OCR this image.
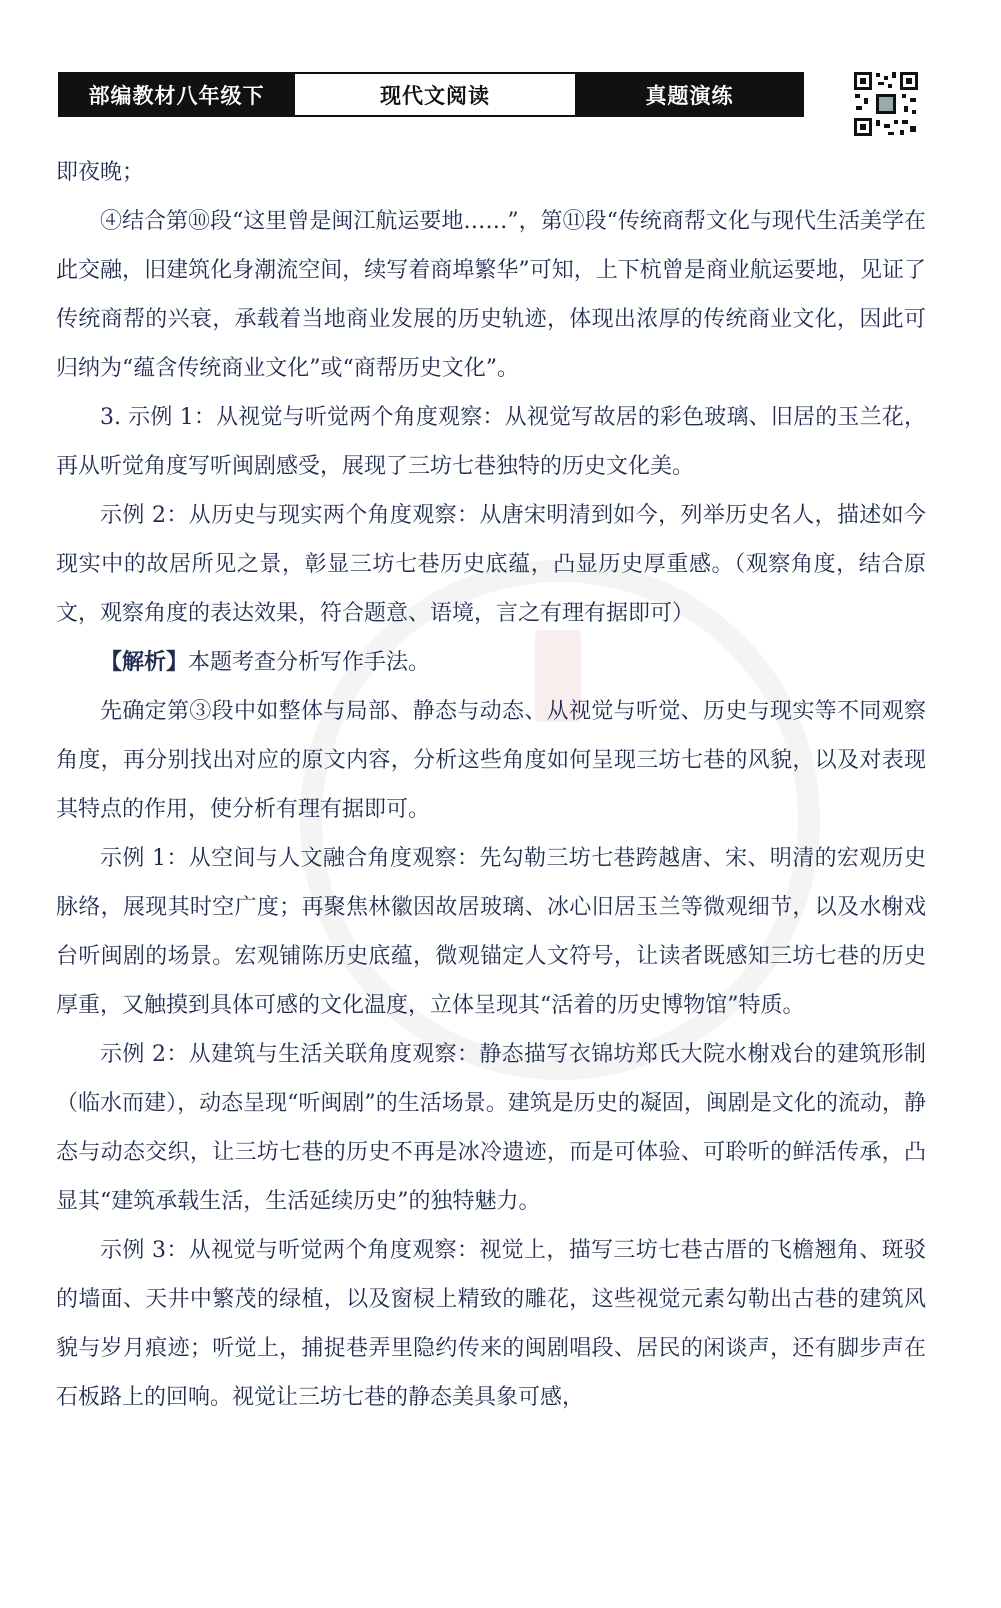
部编教材八年级下	现代文阅读	真题演练

即夜晚；

④结合第⑩段“这里曾是闽江航运要地……”，第⑪段“传统商帮文化与现代生活美学在此交融，旧建筑化身潮流空间，续写着商埠繁华”可知，上下杭曾是商业航运要地，见证了传统商帮的兴衰，承载着当地商业发展的历史轨迹，体现出浓厚的传统商业文化，因此可归纳为“蕴含传统商业文化”或“商帮历史文化”。

3. 示例 1：从视觉与听觉两个角度观察：从视觉写故居的彩色玻璃、旧居的玉兰花，再从听觉角度写听闽剧感受，展现了三坊七巷独特的历史文化美。

示例 2：从历史与现实两个角度观察：从唐宋明清到如今，列举历史名人，描述如今现实中的故居所见之景，彰显三坊七巷历史底蕴，凸显历史厚重感。（观察角度，结合原文，观察角度的表达效果，符合题意、语境，言之有理有据即可）

【解析】本题考查分析写作手法。

先确定第③段中如整体与局部、静态与动态、从视觉与听觉、历史与现实等不同观察角度，再分别找出对应的原文内容，分析这些角度如何呈现三坊七巷的风貌，以及对表现其特点的作用，使分析有理有据即可。

示例 1：从空间与人文融合角度观察：先勾勒三坊七巷跨越唐、宋、明清的宏观历史脉络，展现其时空广度；再聚焦林徽因故居玻璃、冰心旧居玉兰等微观细节，以及水榭戏台听闽剧的场景。宏观铺陈历史底蕴，微观锚定人文符号，让读者既感知三坊七巷的历史厚重，又触摸到具体可感的文化温度，立体呈现其“活着的历史博物馆”特质。

示例 2：从建筑与生活关联角度观察：静态描写衣锦坊郑氏大院水榭戏台的建筑形制（临水而建），动态呈现“听闽剧”的生活场景。建筑是历史的凝固，闽剧是文化的流动，静态与动态交织，让三坊七巷的历史不再是冰冷遗迹，而是可体验、可聆听的鲜活传承，凸显其“建筑承载生活，生活延续历史”的独特魅力。

示例 3：从视觉与听觉两个角度观察：视觉上，描写三坊七巷古厝的飞檐翘角、斑驳的墙面、天井中繁茂的绿植，以及窗棂上精致的雕花，这些视觉元素勾勒出古巷的建筑风貌与岁月痕迹；听觉上，捕捉巷弄里隐约传来的闽剧唱段、居民的闲谈声，还有脚步声在石板路上的回响。视觉让三坊七巷的静态美具象可感，
